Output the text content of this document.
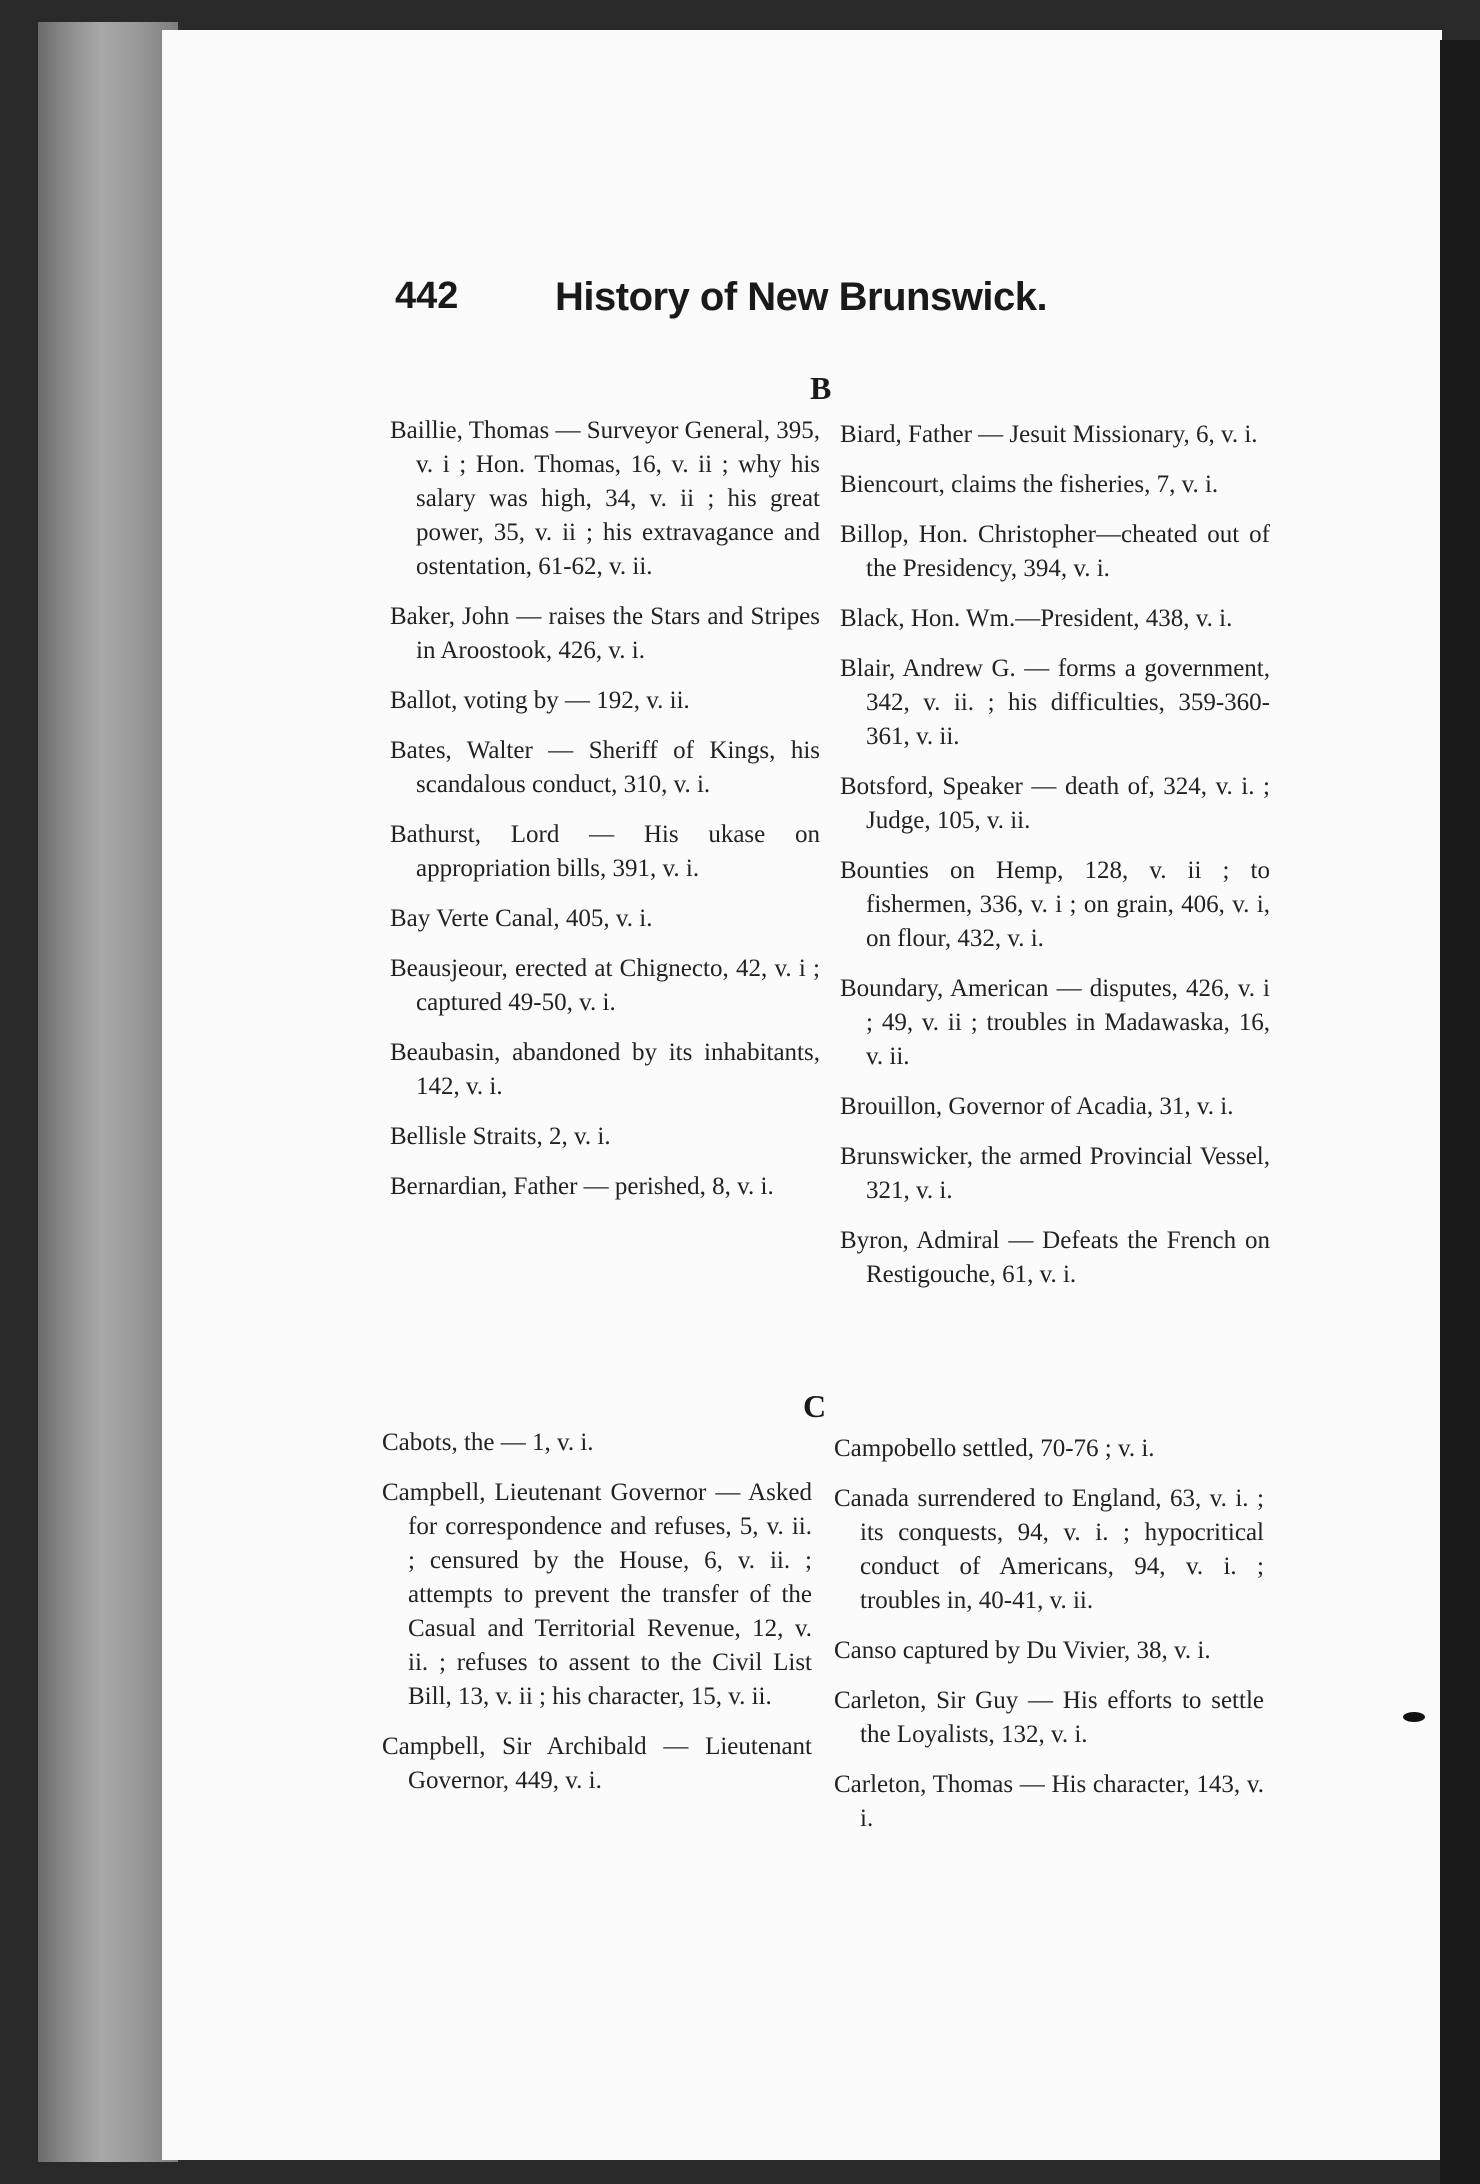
442 History of New Brunswick.
B

Baillie, Thomas — Surveyor General, 395, v. i ; Hon. Thomas, 16, v. ii ; why his salary was high, 34, v. ii ; his great power, 35, v. ii ; his extravagance and ostentation, 61-62, v. ii.

Baker, John — raises the Stars and Stripes in Aroostook, 426, v. i.

Ballot, voting by — 192, v. ii.

Bates, Walter — Sheriff of Kings, his scandalous conduct, 310, v. i.

Bathurst, Lord — His ukase on appropriation bills, 391, v. i.

Bay Verte Canal, 405, v. i.

Beausjeour, erected at Chignecto, 42, v. i ; captured 49-50, v. i.

Beaubasin, abandoned by its inhabitants, 142, v. i.

Bellisle Straits, 2, v. i.

Bernardian, Father — perished, 8, v. i.

Biard, Father — Jesuit Missionary, 6, v. i.

Biencourt, claims the fisheries, 7, v. i.

Billop, Hon. Christopher—cheated out of the Presidency, 394, v. i.

Black, Hon. Wm.—President, 438, v. i.

Blair, Andrew G. — forms a government, 342, v. ii. ; his difficulties, 359-360-361, v. ii.

Botsford, Speaker — death of, 324, v. i. ; Judge, 105, v. ii.

Bounties on Hemp, 128, v. ii ; to fishermen, 336, v. i ; on grain, 406, v. i, on flour, 432, v. i.

Boundary, American — disputes, 426, v. i ; 49, v. ii ; troubles in Madawaska, 16, v. ii.

Brouillon, Governor of Acadia, 31, v. i.

Brunswicker, the armed Provincial Vessel, 321, v. i.

Byron, Admiral — Defeats the French on Restigouche, 61, v. i.

C

Cabots, the — 1, v. i.

Campbell, Lieutenant Governor — Asked for correspondence and refuses, 5, v. ii. ; censured by the House, 6, v. ii. ; attempts to prevent the transfer of the Casual and Territorial Revenue, 12, v. ii. ; refuses to assent to the Civil List Bill, 13, v. ii ; his character, 15, v. ii.

Campbell, Sir Archibald — Lieutenant Governor, 449, v. i.

Campobello settled, 70-76 ; v. i.

Canada surrendered to England, 63, v. i. ; its conquests, 94, v. i. ; hypocritical conduct of Americans, 94, v. i. ; troubles in, 40-41, v. ii.

Canso captured by Du Vivier, 38, v. i.

Carleton, Sir Guy — His efforts to settle the Loyalists, 132, v. i.

Carleton, Thomas — His character, 143, v. i.
